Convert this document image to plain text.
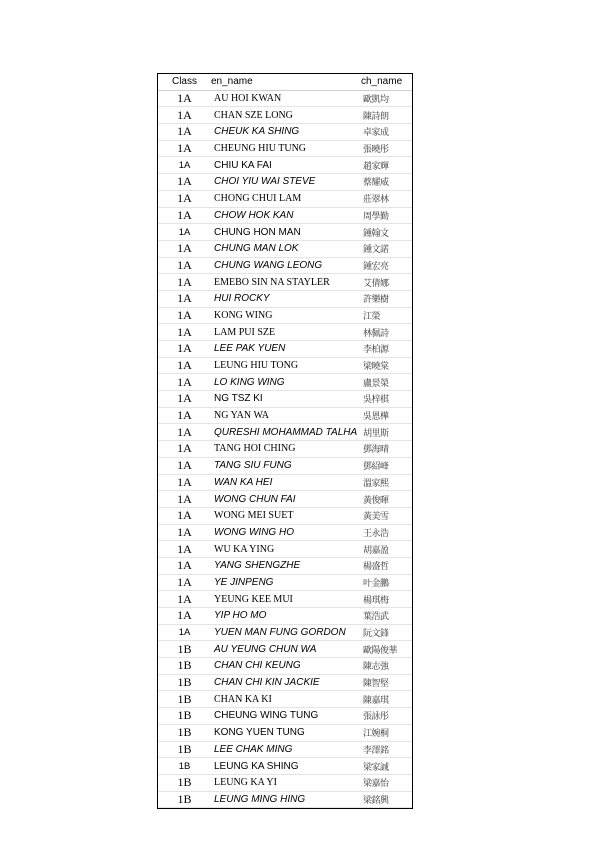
Class	en_name	ch_name
1A	AU HOI KWAN	歐凱均
1A	CHAN SZE LONG	陳詩朗
1A	CHEUK KA SHING	卓家成
1A	CHEUNG HIU TUNG	張曉彤
1A	CHIU KA FAI	趙家輝
1A	CHOI YIU WAI STEVE	蔡耀威
1A	CHONG CHUI LAM	莊翠林
1A	CHOW HOK KAN	周學勤
1A	CHUNG HON MAN	鍾翰文
1A	CHUNG MAN LOK	鍾文諾
1A	CHUNG WANG LEONG	鍾宏亮
1A	EMEBO SIN NA STAYLER	艾倩娜
1A	HUI ROCKY	許樂樹
1A	KONG WING	江榮
1A	LAM PUI SZE	林佩詩
1A	LEE PAK YUEN	李柏源
1A	LEUNG HIU TONG	梁曉棠
1A	LO KING WING	盧景榮
1A	NG TSZ KI	吳梓棋
1A	NG YAN WA	吳恩樺
1A	QURESHI MOHAMMAD TALHA	胡里斯
1A	TANG HOI CHING	鄧海晴
1A	TANG SIU FUNG	鄧紹峰
1A	WAN KA HEI	溫家熙
1A	WONG CHUN FAI	黃俊暉
1A	WONG MEI SUET	黃美雪
1A	WONG WING HO	王永浩
1A	WU KA YING	胡嘉盈
1A	YANG SHENGZHE	楊盛哲
1A	YE JINPENG	叶金鵬
1A	YEUNG KEE MUI	楊琪梅
1A	YIP HO MO	葉浩武
1A	YUEN MAN FUNG GORDON	阮文鋒
1B	AU YEUNG CHUN WA	歐陽俊華
1B	CHAN CHI KEUNG	陳志強
1B	CHAN CHI KIN JACKIE	陳智堅
1B	CHAN KA KI	陳嘉琪
1B	CHEUNG WING TUNG	張詠彤
1B	KONG YUEN TUNG	江婉桐
1B	LEE CHAK MING	李澤銘
1B	LEUNG KA SHING	梁家誠
1B	LEUNG KA YI	梁嘉怡
1B	LEUNG MING HING	梁銘興
